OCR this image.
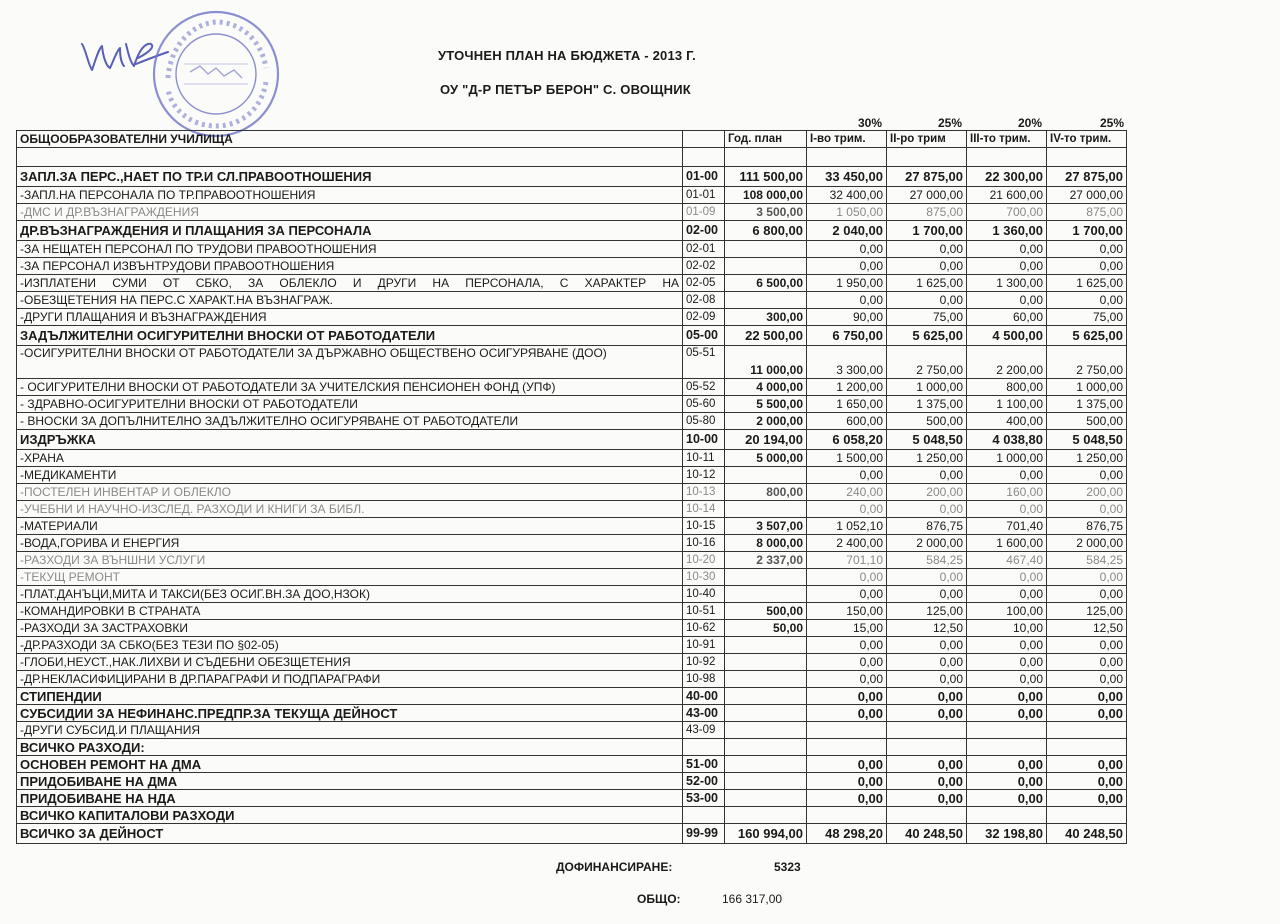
УТОЧНЕН ПЛАН НА БЮДЖЕТА - 2013 Г.
ОУ "Д-Р ПЕТЪР БЕРОН" С. ОВОЩНИК
30%	25%	20%	25%
ОБЩООБРАЗОВАТЕЛНИ УЧИЛИЩА		Год. план	I-во трим.	II-ро трим	III-то трим.	IV-то трим.

ЗАПЛ.ЗА ПЕРС.,НАЕТ ПО ТР.И СЛ.ПРАВООТНОШЕНИЯ	01-00	111 500,00	33 450,00	27 875,00	22 300,00	27 875,00
-ЗАПЛ.НА ПЕРСОНАЛА ПО ТР.ПРАВООТНОШЕНИЯ	01-01	108 000,00	32 400,00	27 000,00	21 600,00	27 000,00
-ДМС И ДР.ВЪЗНАГРАЖДЕНИЯ	01-09	3 500,00	1 050,00	875,00	700,00	875,00
ДР.ВЪЗНАГРАЖДЕНИЯ И ПЛАЩАНИЯ ЗА ПЕРСОНАЛА	02-00	6 800,00	2 040,00	1 700,00	1 360,00	1 700,00
-ЗА НЕЩАТЕН ПЕРСОНАЛ ПО ТРУДОВИ ПРАВООТНОШЕНИЯ	02-01		0,00	0,00	0,00	0,00
-ЗА ПЕРСОНАЛ ИЗВЪНТРУДОВИ ПРАВООТНОШЕНИЯ	02-02		0,00	0,00	0,00	0,00
-ИЗПЛАТЕНИ СУМИ ОТ СБКО, ЗА ОБЛЕКЛО И ДРУГИ НА ПЕРСОНАЛА, С ХАРАКТЕР НА	02-05	6 500,00	1 950,00	1 625,00	1 300,00	1 625,00
-ОБЕЗЩЕТЕНИЯ НА ПЕРС.С ХАРАКТ.НА ВЪЗНАГРАЖ.	02-08		0,00	0,00	0,00	0,00
-ДРУГИ ПЛАЩАНИЯ И ВЪЗНАГРАЖДЕНИЯ	02-09	300,00	90,00	75,00	60,00	75,00
ЗАДЪЛЖИТЕЛНИ ОСИГУРИТЕЛНИ ВНОСКИ ОТ РАБОТОДАТЕЛИ	05-00	22 500,00	6 750,00	5 625,00	4 500,00	5 625,00
-ОСИГУРИТЕЛНИ ВНОСКИ ОТ РАБОТОДАТЕЛИ ЗА ДЪРЖАВНО ОБЩЕСТВЕНО ОСИГУРЯВАНЕ (ДОО)	05-51	11 000,00	3 300,00	2 750,00	2 200,00	2 750,00
- ОСИГУРИТЕЛНИ ВНОСКИ ОТ РАБОТОДАТЕЛИ ЗА УЧИТЕЛСКИЯ ПЕНСИОНЕН ФОНД (УПФ)	05-52	4 000,00	1 200,00	1 000,00	800,00	1 000,00
- ЗДРАВНО-ОСИГУРИТЕЛНИ ВНОСКИ ОТ РАБОТОДАТЕЛИ	05-60	5 500,00	1 650,00	1 375,00	1 100,00	1 375,00
- ВНОСКИ ЗА ДОПЪЛНИТЕЛНО ЗАДЪЛЖИТЕЛНО ОСИГУРЯВАНЕ ОТ РАБОТОДАТЕЛИ	05-80	2 000,00	600,00	500,00	400,00	500,00
ИЗДРЪЖКА	10-00	20 194,00	6 058,20	5 048,50	4 038,80	5 048,50
-ХРАНА	10-11	5 000,00	1 500,00	1 250,00	1 000,00	1 250,00
-МЕДИКАМЕНТИ	10-12		0,00	0,00	0,00	0,00
-ПОСТЕЛЕН ИНВЕНТАР И ОБЛЕКЛО	10-13	800,00	240,00	200,00	160,00	200,00
-УЧЕБНИ И НАУЧНО-ИЗСЛЕД. РАЗХОДИ И КНИГИ ЗА БИБЛ.	10-14		0,00	0,00	0,00	0,00
-МАТЕРИАЛИ	10-15	3 507,00	1 052,10	876,75	701,40	876,75
-ВОДА,ГОРИВА И ЕНЕРГИЯ	10-16	8 000,00	2 400,00	2 000,00	1 600,00	2 000,00
-РАЗХОДИ ЗА ВЪНШНИ УСЛУГИ	10-20	2 337,00	701,10	584,25	467,40	584,25
-ТЕКУЩ РЕМОНТ	10-30		0,00	0,00	0,00	0,00
-ПЛАТ.ДАНЪЦИ,МИТА И ТАКСИ(БЕЗ ОСИГ.ВН.ЗА ДОО,НЗОК)	10-40		0,00	0,00	0,00	0,00
-КОМАНДИРОВКИ В СТРАНАТА	10-51	500,00	150,00	125,00	100,00	125,00
-РАЗХОДИ ЗА ЗАСТРАХОВКИ	10-62	50,00	15,00	12,50	10,00	12,50
-ДР.РАЗХОДИ ЗА СБКО(БЕЗ ТЕЗИ ПО §02-05)	10-91		0,00	0,00	0,00	0,00
-ГЛОБИ,НЕУСТ.,НАК.ЛИХВИ И СЪДЕБНИ ОБЕЗЩЕТЕНИЯ	10-92		0,00	0,00	0,00	0,00
-ДР.НЕКЛАСИФИЦИРАНИ В ДР.ПАРАГРАФИ И ПОДПАРАГРАФИ	10-98		0,00	0,00	0,00	0,00
СТИПЕНДИИ	40-00		0,00	0,00	0,00	0,00
СУБСИДИИ ЗА НЕФИНАНС.ПРЕДПР.ЗА ТЕКУЩА ДЕЙНОСТ	43-00		0,00	0,00	0,00	0,00
-ДРУГИ СУБСИД.И ПЛАЩАНИЯ	43-09					
ВСИЧКО РАЗХОДИ:						
ОСНОВЕН РЕМОНТ НА ДМА	51-00		0,00	0,00	0,00	0,00
ПРИДОБИВАНЕ НА ДМА	52-00		0,00	0,00	0,00	0,00
ПРИДОБИВАНЕ НА НДА	53-00		0,00	0,00	0,00	0,00
ВСИЧКО КАПИТАЛОВИ РАЗХОДИ						
ВСИЧКО ЗА ДЕЙНОСТ	99-99	160 994,00	48 298,20	40 248,50	32 198,80	40 248,50
ДОФИНАНСИРАНЕ:	5323
ОБЩО:	166 317,00
